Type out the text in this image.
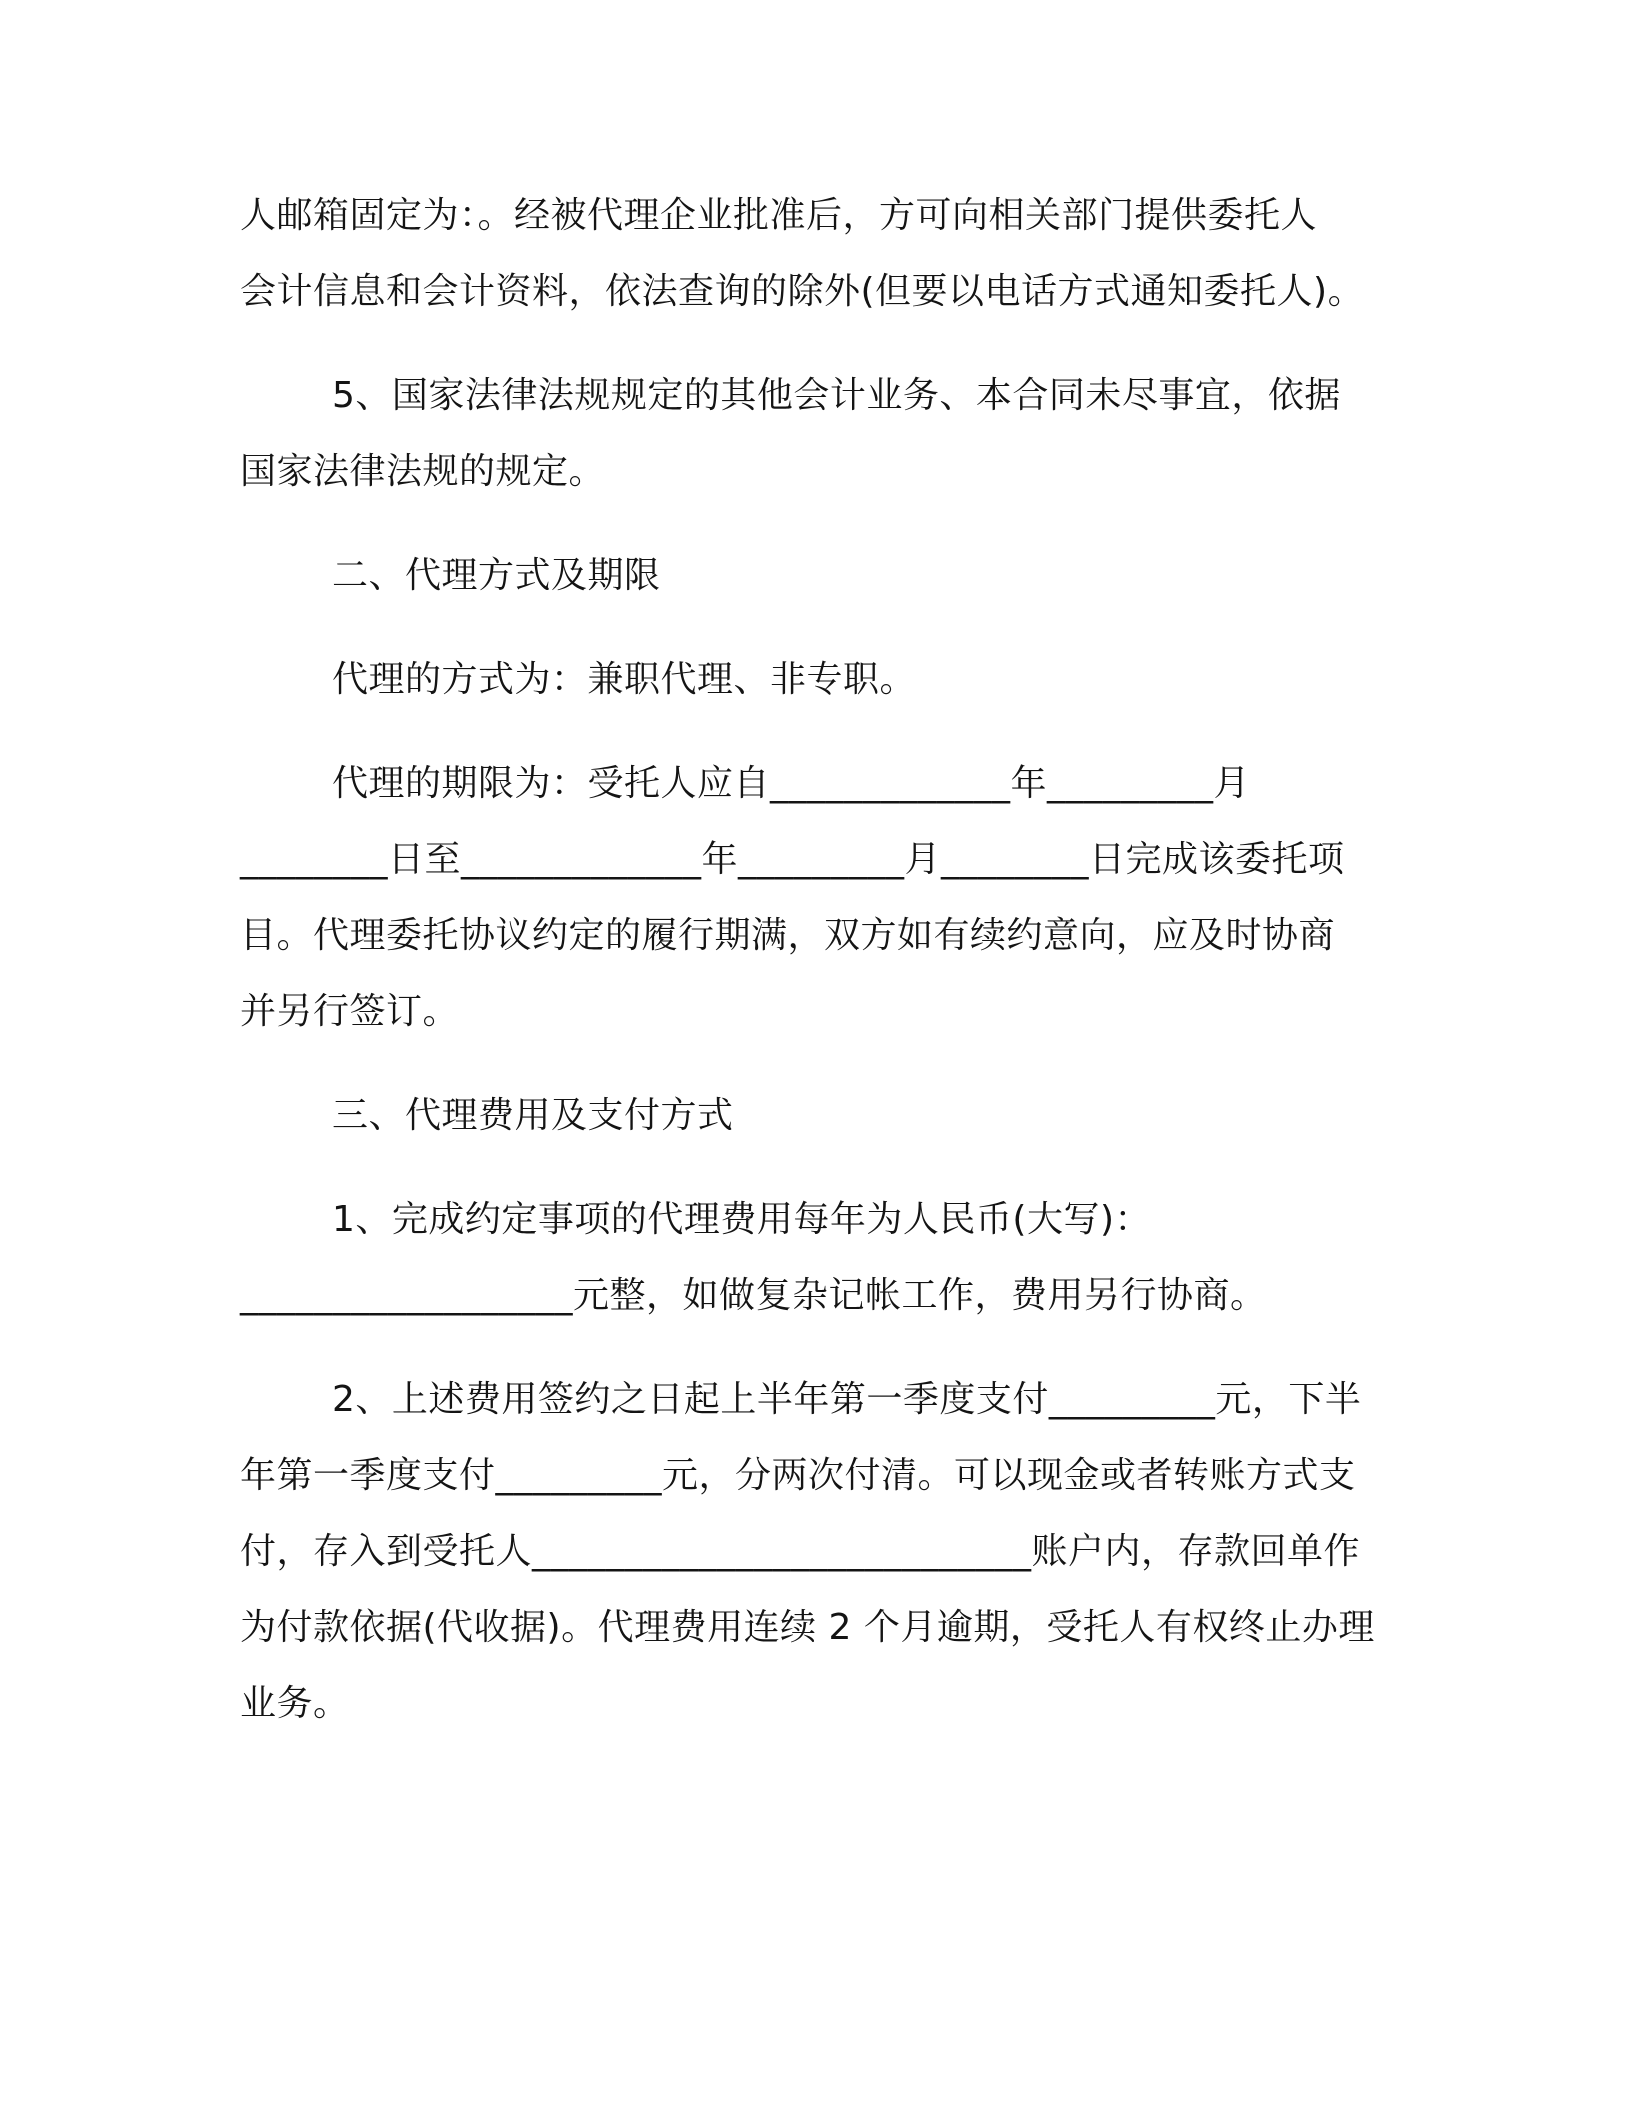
人邮箱固定为：。经被代理企业批准后，方可向相关部门提供委托人
会计信息和会计资料，依法查询的除外(但要以电话方式通知委托人)。
5、国家法律法规规定的其他会计业务、本合同未尽事宜，依据
国家法律法规的规定。
二、代理方式及期限
代理的方式为：兼职代理、非专职。
代理的期限为：受托人应自_____________年_________月
________日至_____________年_________月________日完成该委托项
目。代理委托协议约定的履行期满，双方如有续约意向，应及时协商
并另行签订。
三、代理费用及支付方式
1、完成约定事项的代理费用每年为人民币(大写)：
__________________元整，如做复杂记帐工作，费用另行协商。
2、上述费用签约之日起上半年第一季度支付_________元，下半
年第一季度支付_________元，分两次付清。可以现金或者转账方式支
付，存入到受托人___________________________账户内，存款回单作
为付款依据(代收据)。代理费用连续 2 个月逾期，受托人有权终止办理
业务。
